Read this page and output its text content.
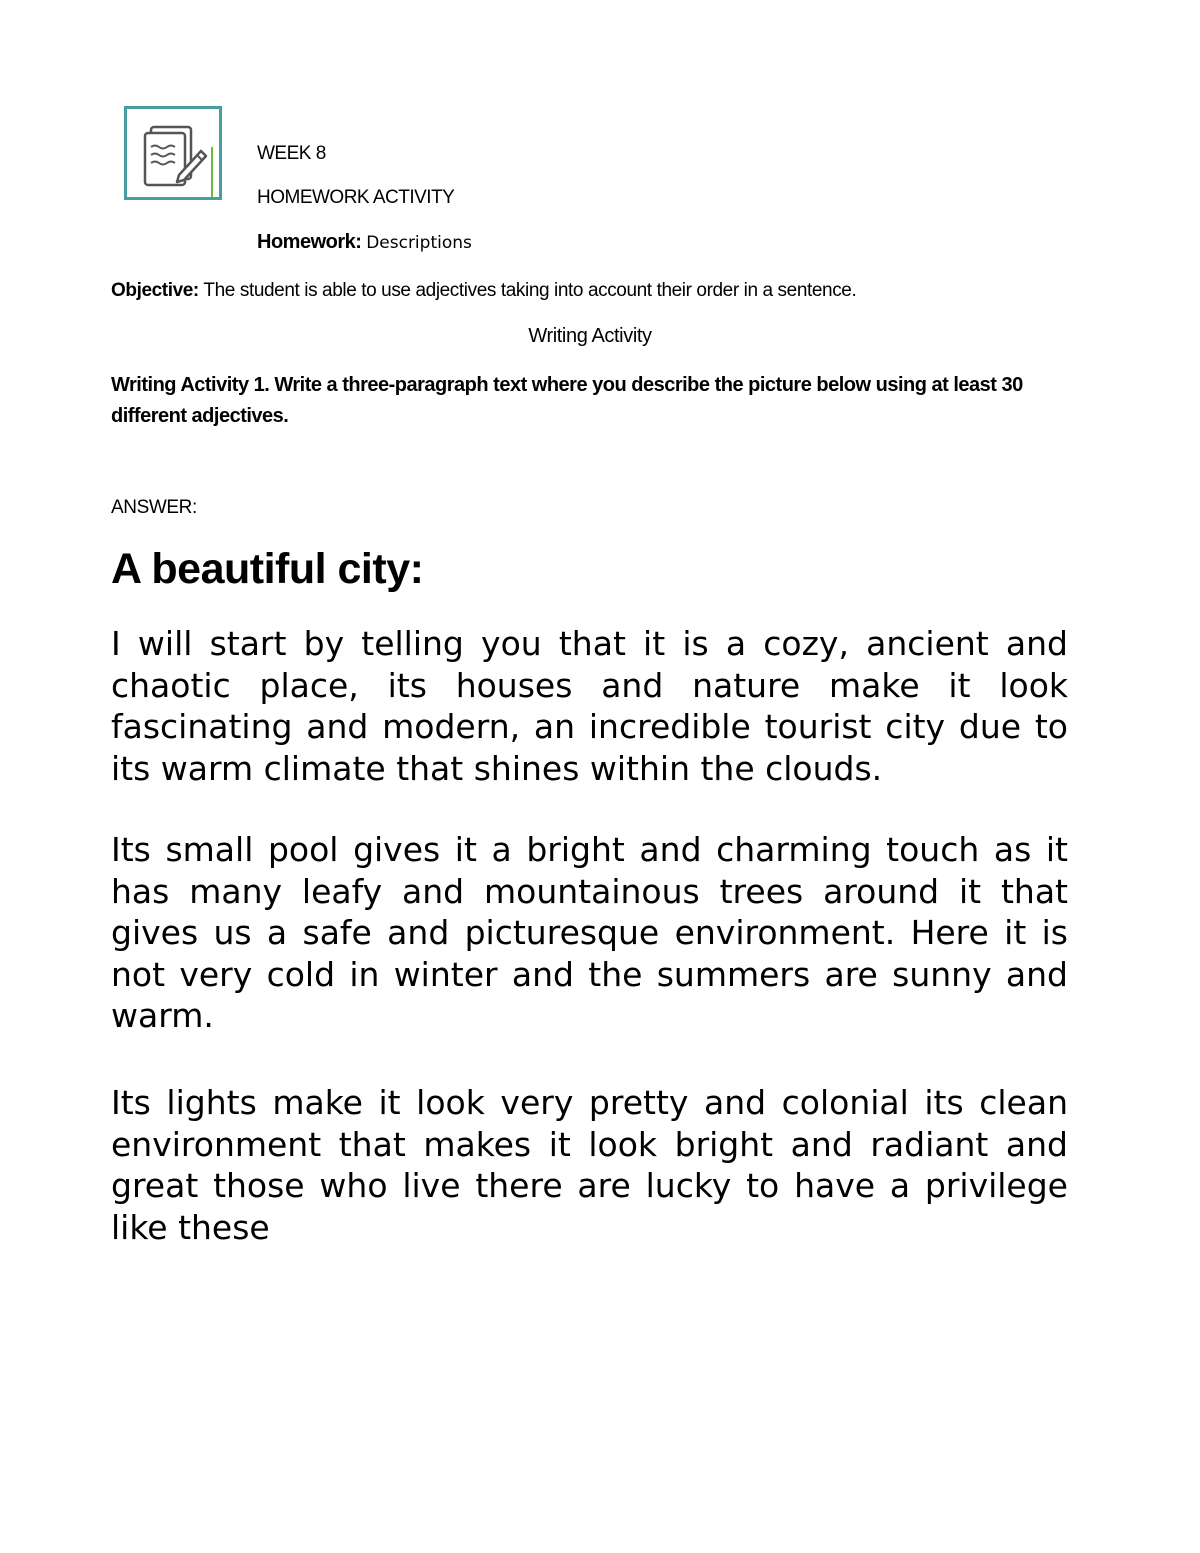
WEEK 8
HOMEWORK ACTIVITY
Homework: Descriptions
Objective: The student is able to use adjectives taking into account their order in a sentence.
Writing Activity
Writing Activity 1. Write a three-paragraph text where you describe the picture below using at least 30 different adjectives.
ANSWER:
A beautiful city:

I will start by telling you that it is a cozy, ancient and chaotic place, its houses and nature make it look fascinating and modern, an incredible tourist city due to its warm climate that shines within the clouds.

Its small pool gives it a bright and charming touch as it has many leafy and mountainous trees around it that gives us a safe and picturesque environment. Here it is not very cold in winter and the summers are sunny and warm.

Its lights make it look very pretty and colonial its clean environment that makes it look bright and radiant and great those who live there are lucky to have a privilege like these
